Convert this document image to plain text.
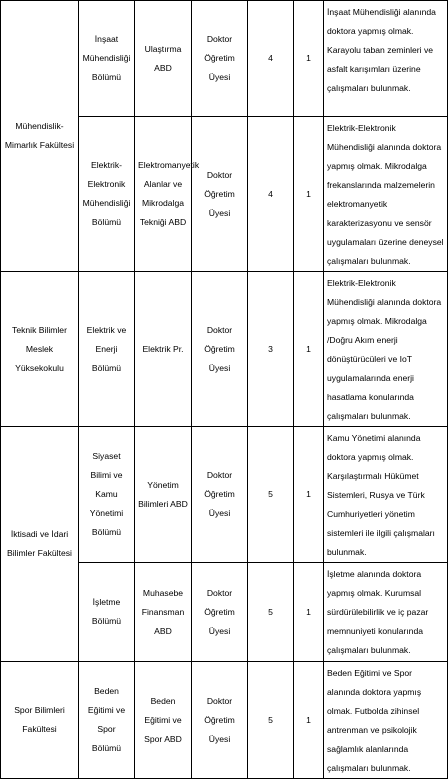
Mühendislik-Mimarlık Fakültesi	İnşaat Mühendisliği Bölümü	Ulaştırma ABD	Doktor Öğretim Üyesi	4	1	İnşaat Mühendisliği alanında doktora yapmış olmak. Karayolu taban zeminleri ve asfalt karışımları üzerine çalışmaları bulunmak.
	Elektrik-Elektronik Mühendisliği Bölümü	Elektromanyetik Alanlar ve Mikrodalga Tekniği ABD	Doktor Öğretim Üyesi	4	1	Elektrik-Elektronik Mühendisliği alanında doktora yapmış olmak. Mikrodalga frekanslarında malzemelerin elektromanyetik karakterizasyonu ve sensör uygulamaları üzerine deneysel çalışmaları bulunmak.
Teknik Bilimler Meslek Yüksekokulu	Elektrik ve Enerji Bölümü	Elektrik Pr.	Doktor Öğretim Üyesi	3	1	Elektrik-Elektronik Mühendisliği alanında doktora yapmış olmak. Mikrodalga /Doğru Akım enerji dönüştürücüleri ve IoT uygulamalarında enerji hasatlama konularında çalışmaları bulunmak.
İktisadi ve İdari Bilimler Fakültesi	Siyaset Bilimi ve Kamu Yönetimi Bölümü	Yönetim Bilimleri ABD	Doktor Öğretim Üyesi	5	1	Kamu Yönetimi alanında doktora yapmış olmak. Karşılaştırmalı Hükümet Sistemleri, Rusya ve Türk Cumhuriyetleri yönetim sistemleri ile ilgili çalışmaları bulunmak.
	İşletme Bölümü	Muhasebe Finansman ABD	Doktor Öğretim Üyesi	5	1	İşletme alanında doktora yapmış olmak. Kurumsal sürdürülebilirlik ve iç pazar memnuniyeti konularında çalışmaları bulunmak.
Spor Bilimleri Fakültesi	Beden Eğitimi ve Spor Bölümü	Beden Eğitimi ve Spor ABD	Doktor Öğretim Üyesi	5	1	Beden Eğitimi ve Spor alanında doktora yapmış olmak. Futbolda zihinsel antrenman ve psikolojik sağlamlık alanlarında çalışmaları bulunmak.
